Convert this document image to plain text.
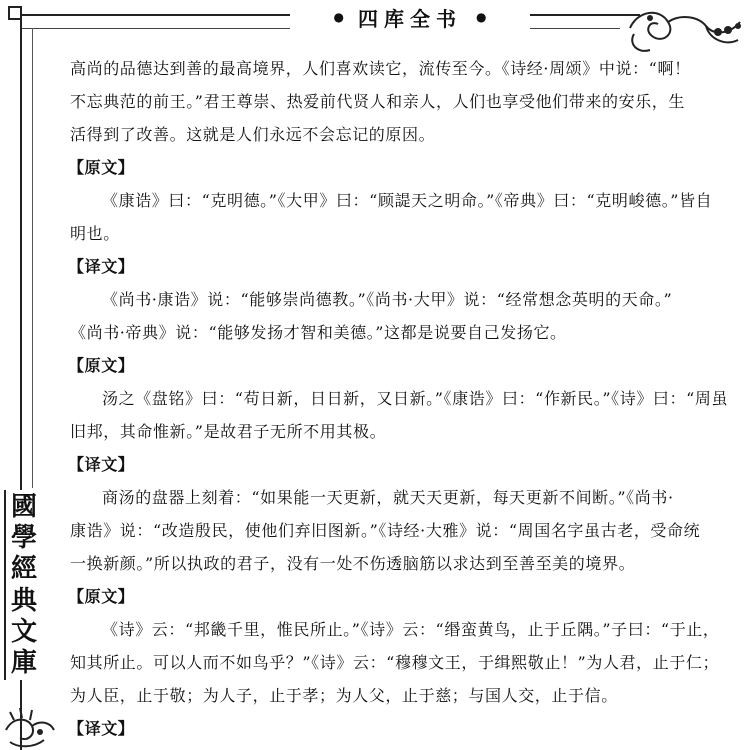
● 四库全书 ●

高尚的品德达到善的最高境界，人们喜欢读它，流传至今。《诗经·周颂》中说：“啊！

不忘典范的前王。”君王尊崇、热爱前代贤人和亲人，人们也享受他们带来的安乐，生

活得到了改善。这就是人们永远不会忘记的原因。

【原文】

《康诰》曰：“克明德。”《大甲》曰：“顾諟天之明命。”《帝典》曰：“克明峻德。”皆自

明也。

【译文】

《尚书·康诰》说：“能够崇尚德教。”《尚书·大甲》说：“经常想念英明的天命。”

《尚书·帝典》说：“能够发扬才智和美德。”这都是说要自己发扬它。

【原文】

汤之《盘铭》曰：“苟日新，日日新，又日新。”《康诰》曰：“作新民。”《诗》曰：“周虽

旧邦，其命惟新。”是故君子无所不用其极。

【译文】

商汤的盘器上刻着：“如果能一天更新，就天天更新，每天更新不间断。”《尚书·

康诰》说：“改造殷民，使他们弃旧图新。”《诗经·大雅》说：“周国名字虽古老，受命统

一换新颜。”所以执政的君子，没有一处不伤透脑筋以求达到至善至美的境界。

【原文】

《诗》云：“邦畿千里，惟民所止。”《诗》云：“缗蛮黄鸟，止于丘隅。”子曰：“于止，

知其所止。可以人而不如鸟乎？”《诗》云：“穆穆文王，于缉熙敬止！”为人君，止于仁；

为人臣，止于敬；为人子，止于孝；为人父，止于慈；与国人交，止于信。

【译文】

國
學
經
典
文
庫
